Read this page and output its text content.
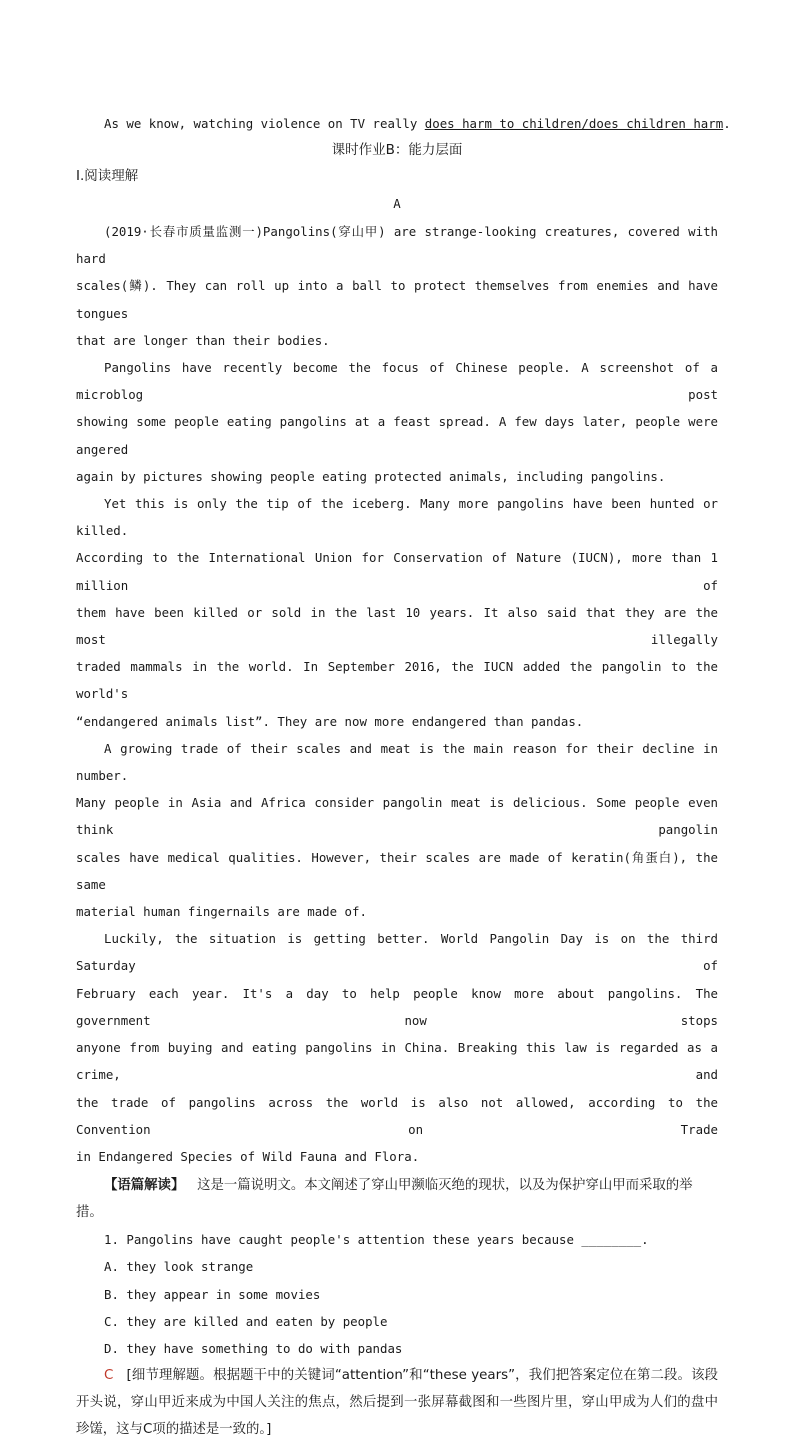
As we know, watching violence on TV really does harm to children/does children harm.
课时作业B：能力层面
Ⅰ.阅读理解
A
(2019·长春市质量监测一)Pangolins(穿山甲) are strange-looking creatures, covered with hard
scales(鳞). They can roll up into a ball to protect themselves from enemies and have tongues
that are longer than their bodies.
Pangolins have recently become the focus of Chinese people. A screenshot of a microblog post
showing some people eating pangolins at a feast spread. A few days later, people were angered
again by pictures showing people eating protected animals, including pangolins.
Yet this is only the tip of the iceberg. Many more pangolins have been hunted or killed.
According to the International Union for Conservation of Nature (IUCN), more than 1 million of
them have been killed or sold in the last 10 years. It also said that they are the most illegally
traded mammals in the world. In September 2016, the IUCN added the pangolin to the world's
“endangered animals list”. They are now more endangered than pandas.
A growing trade of their scales and meat is the main reason for their decline in number.
Many people in Asia and Africa consider pangolin meat is delicious. Some people even think pangolin
scales have medical qualities. However, their scales are made of keratin(角蛋白), the same
material human fingernails are made of.
Luckily, the situation is getting better. World Pangolin Day is on the third Saturday of
February each year. It's a day to help people know more about pangolins. The government now stops
anyone from buying and eating pangolins in China. Breaking this law is regarded as a crime, and
the trade of pangolins across the world is also not allowed, according to the Convention on Trade
in Endangered Species of Wild Fauna and Flora.

【语篇解读】 这是一篇说明文。本文阐述了穿山甲濒临灭绝的现状，以及为保护穿山甲而采取的举措。

1. Pangolins have caught people's attention these years because ________.
A. they look strange
B. they appear in some movies
C. they are killed and eaten by people
D. they have something to do with pandas

C [细节理解题。根据题干中的关键词“attention”和“these years”，我们把答案定位在第二段。该段开头说，穿山甲近来成为中国人关注的焦点，然后提到一张屏幕截图和一些图片里，穿山甲成为人们的盘中珍馐，这与C项的描述是一致的。]
